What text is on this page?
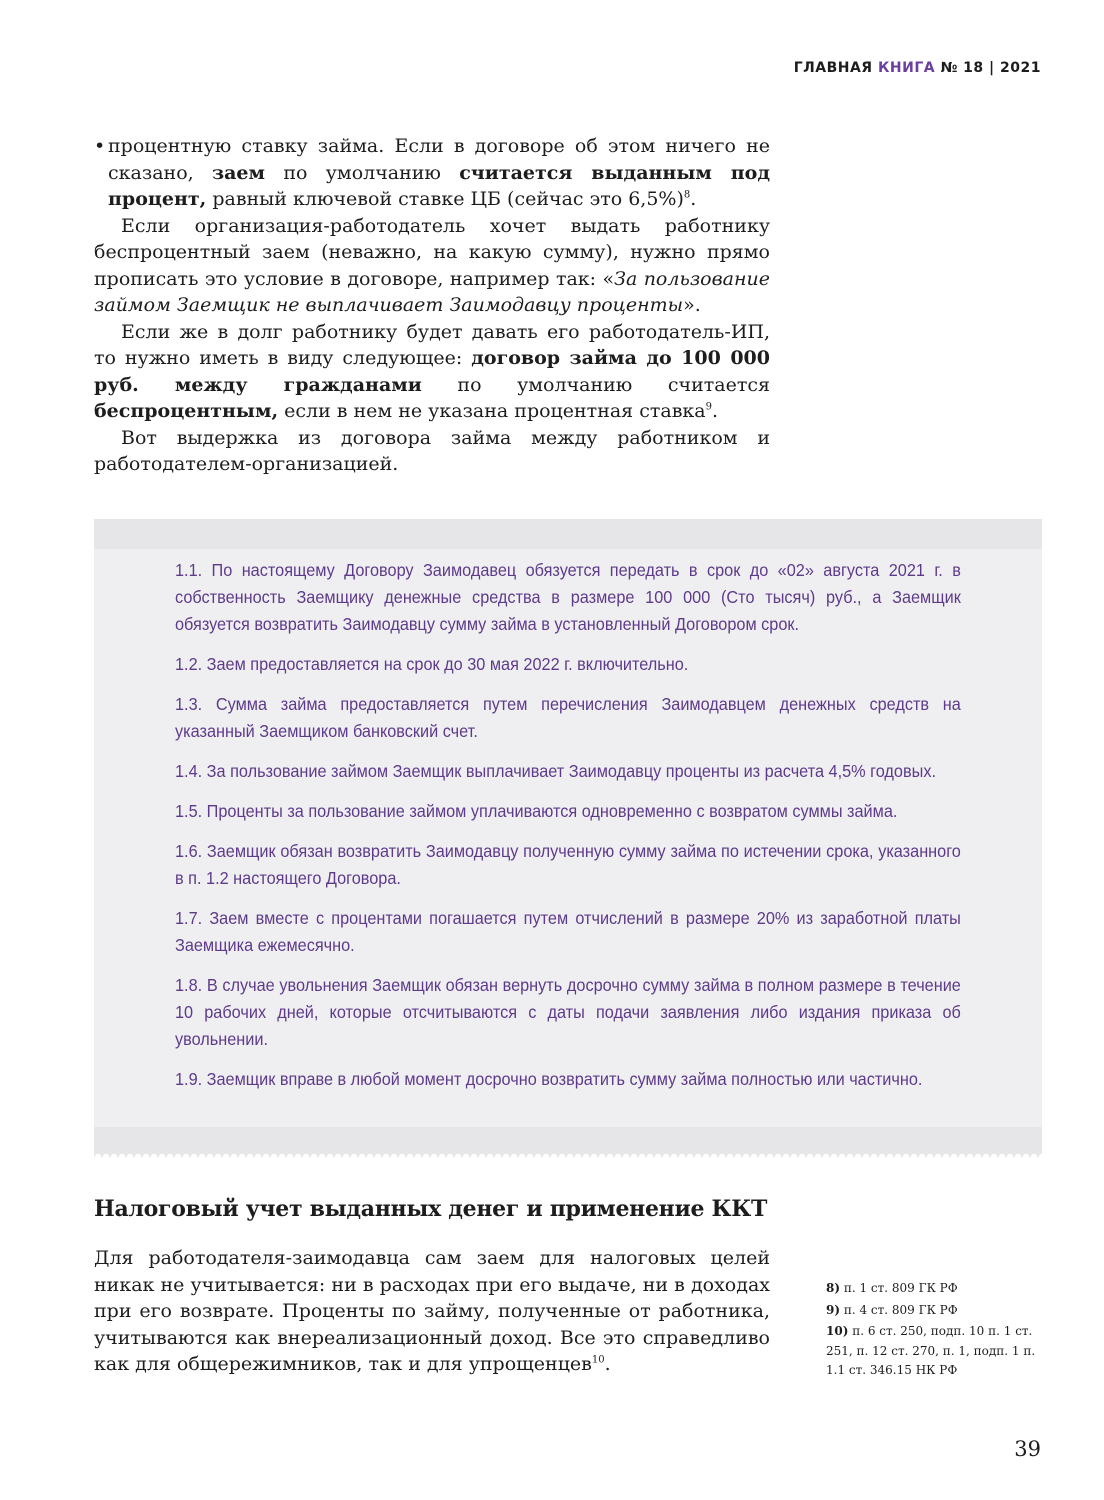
ГЛАВНАЯ КНИГА № 18 | 2021

• процентную ставку займа. Если в договоре об этом ничего не сказано, заем по умолчанию считается выданным под процент, равный ключевой ставке ЦБ (сейчас это 6,5%)$^8$.

Если организация-работодатель хочет выдать работнику беспроцентный заем (неважно, на какую сумму), нужно прямо прописать это условие в договоре, например так: «За пользование займом Заемщик не выплачивает Заимодавцу проценты».

Если же в долг работнику будет давать его работодатель-ИП, то нужно иметь в виду следующее: договор займа до 100 000 руб. между гражданами по умолчанию считается беспроцентным, если в нем не указана процентная ставка$^9$.

Вот выдержка из договора займа между работником и работодателем-организацией.

1.1. По настоящему Договору Заимодавец обязуется передать в срок до «02» августа 2021 г. в собственность Заемщику денежные средства в размере 100 000 (Сто тысяч) руб., а Заемщик обязуется возвратить Заимодавцу сумму займа в установленный Договором срок.

1.2. Заем предоставляется на срок до 30 мая 2022 г. включительно.

1.3. Сумма займа предоставляется путем перечисления Заимодавцем денежных средств на указанный Заемщиком банковский счет.

1.4. За пользование займом Заемщик выплачивает Заимодавцу проценты из расчета 4,5% годовых.

1.5. Проценты за пользование займом уплачиваются одновременно с возвратом суммы займа.

1.6. Заемщик обязан возвратить Заимодавцу полученную сумму займа по истечении срока, указанного в п. 1.2 настоящего Договора.

1.7. Заем вместе с процентами погашается путем отчислений в размере 20% из заработной платы Заемщика ежемесячно.

1.8. В случае увольнения Заемщик обязан вернуть досрочно сумму займа в полном размере в течение 10 рабочих дней, которые отсчитываются с даты подачи заявления либо издания приказа об увольнении.

1.9. Заемщик вправе в любой момент досрочно возвратить сумму займа полностью или частично.

Налоговый учет выданных денег и применение ККТ

Для работодателя-заимодавца сам заем для налоговых целей никак не учитывается: ни в расходах при его выдаче, ни в доходах при его возврате. Проценты по займу, полученные от работника, учитываются как внереализационный доход. Все это справедливо как для общережимников, так и для упрощенцев$^{10}$.

8) п. 1 ст. 809 ГК РФ
9) п. 4 ст. 809 ГК РФ
10) п. 6 ст. 250, подп. 10 п. 1 ст. 251, п. 12 ст. 270, п. 1, подп. 1 п. 1.1 ст. 346.15 НК РФ
39
